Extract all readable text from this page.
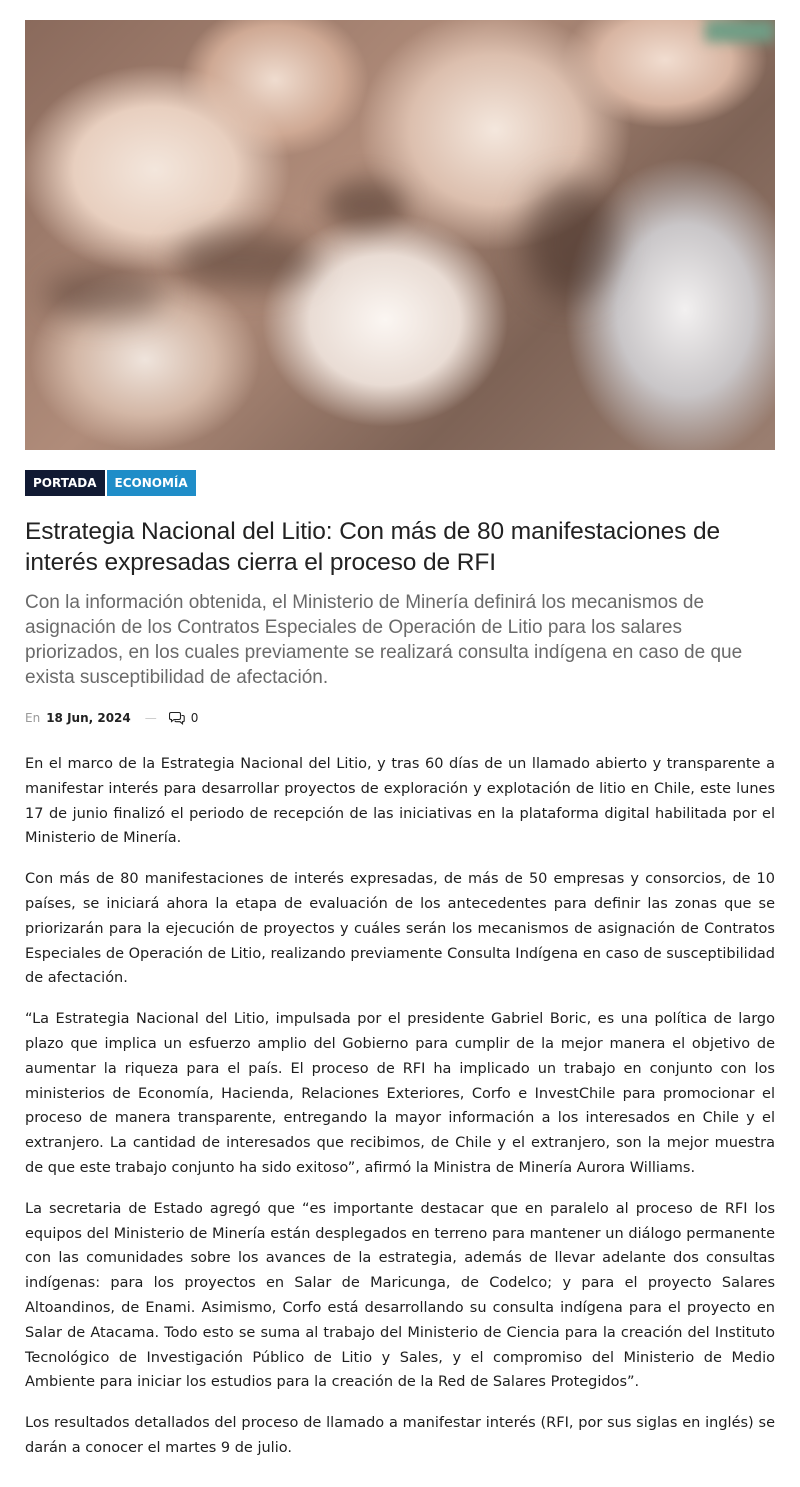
PORTADA	ECONOMÍA
Estrategia Nacional del Litio: Con más de 80 manifestaciones de interés expresadas cierra el proceso de RFI

Con la información obtenida, el Ministerio de Minería definirá los mecanismos de asignación de los Contratos Especiales de Operación de Litio para los salares priorizados, en los cuales previamente se realizará consulta indígena en caso de que exista susceptibilidad de afectación.

En 18 Jun, 2024 —	0

En el marco de la Estrategia Nacional del Litio, y tras 60 días de un llamado abierto y transparente a manifestar interés para desarrollar proyectos de exploración y explotación de litio en Chile, este lunes 17 de junio finalizó el periodo de recepción de las iniciativas en la plataforma digital habilitada por el Ministerio de Minería.

Con más de 80 manifestaciones de interés expresadas, de más de 50 empresas y consorcios, de 10 países, se iniciará ahora la etapa de evaluación de los antecedentes para definir las zonas que se priorizarán para la ejecución de proyectos y cuáles serán los mecanismos de asignación de Contratos Especiales de Operación de Litio, realizando previamente Consulta Indígena en caso de susceptibilidad de afectación.

“La Estrategia Nacional del Litio, impulsada por el presidente Gabriel Boric, es una política de largo plazo que implica un esfuerzo amplio del Gobierno para cumplir de la mejor manera el objetivo de aumentar la riqueza para el país. El proceso de RFI ha implicado un trabajo en conjunto con los ministerios de Economía, Hacienda, Relaciones Exteriores, Corfo e InvestChile para promocionar el proceso de manera transparente, entregando la mayor información a los interesados en Chile y el extranjero. La cantidad de interesados que recibimos, de Chile y el extranjero, son la mejor muestra de que este trabajo conjunto ha sido exitoso”, afirmó la Ministra de Minería Aurora Williams.

La secretaria de Estado agregó que “es importante destacar que en paralelo al proceso de RFI los equipos del Ministerio de Minería están desplegados en terreno para mantener un diálogo permanente con las comunidades sobre los avances de la estrategia, además de llevar adelante dos consultas indígenas: para los proyectos en Salar de Maricunga, de Codelco; y para el proyecto Salares Altoandinos, de Enami. Asimismo, Corfo está desarrollando su consulta indígena para el proyecto en Salar de Atacama. Todo esto se suma al trabajo del Ministerio de Ciencia para la creación del Instituto Tecnológico de Investigación Público de Litio y Sales, y el compromiso del Ministerio de Medio Ambiente para iniciar los estudios para la creación de la Red de Salares Protegidos”.

Los resultados detallados del proceso de llamado a manifestar interés (RFI, por sus siglas en inglés) se darán a conocer el martes 9 de julio.
